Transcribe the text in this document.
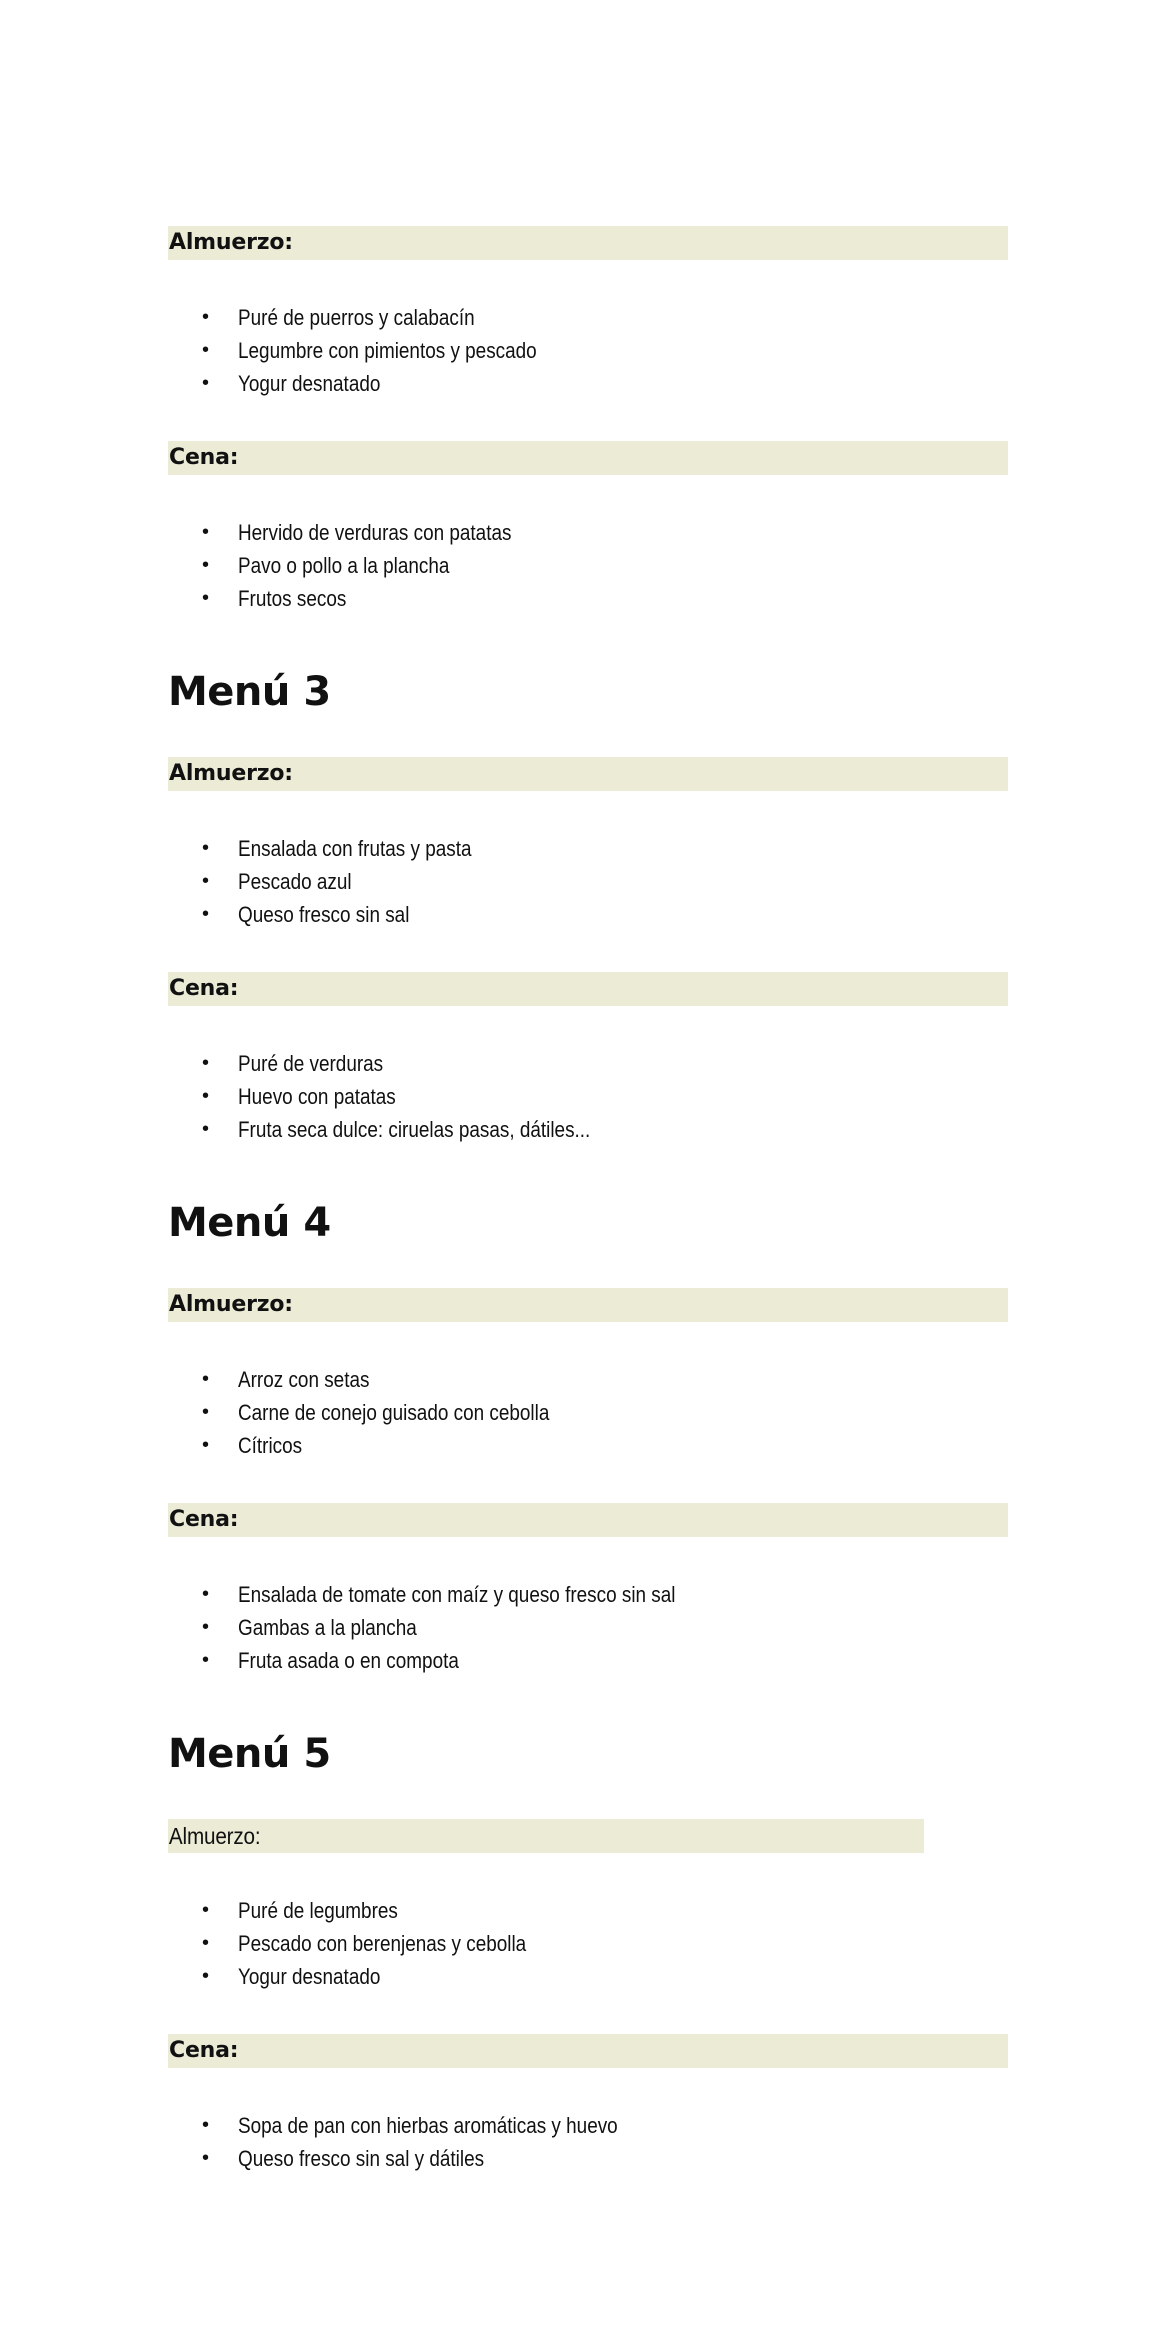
Almuerzo:
• Puré de puerros y calabacín
• Legumbre con pimientos y pescado
• Yogur desnatado
Cena:
• Hervido de verduras con patatas
• Pavo o pollo a la plancha
• Frutos secos
Menú 3
Almuerzo:
• Ensalada con frutas y pasta
• Pescado azul
• Queso fresco sin sal
Cena:
• Puré de verduras
• Huevo con patatas
• Fruta seca dulce: ciruelas pasas, dátiles...
Menú 4
Almuerzo:
• Arroz con setas
• Carne de conejo guisado con cebolla
• Cítricos
Cena:
• Ensalada de tomate con maíz y queso fresco sin sal
• Gambas a la plancha
• Fruta asada o en compota
Menú 5
Almuerzo:
• Puré de legumbres
• Pescado con berenjenas y cebolla
• Yogur desnatado
Cena:
• Sopa de pan con hierbas aromáticas y huevo
• Queso fresco sin sal y dátiles
